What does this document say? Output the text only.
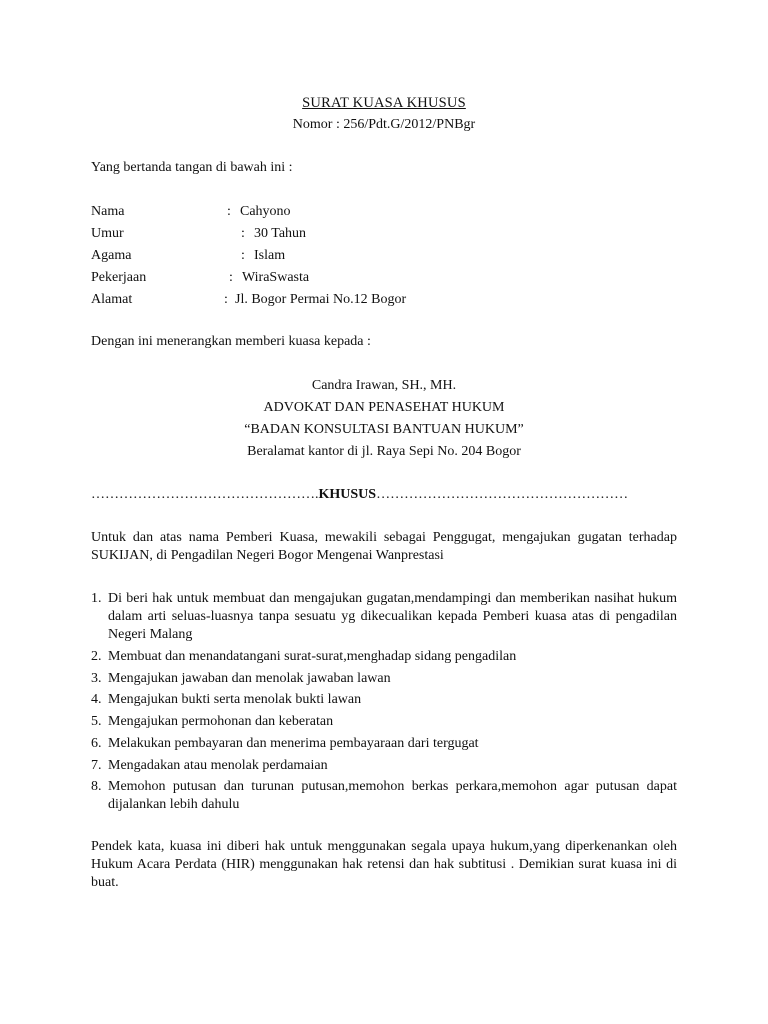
SURAT KUASA KHUSUS
Nomor : 256/Pdt.G/2012/PNBgr
Yang bertanda tangan di bawah ini :
Nama	: Cahyono
Umur	: 30 Tahun
Agama	: Islam
Pekerjaan	: WiraSwasta
Alamat	: Jl. Bogor Permai No.12 Bogor
Dengan ini menerangkan memberi kuasa kepada :
Candra Irawan, SH., MH.
ADVOKAT DAN PENASEHAT HUKUM
“BADAN KONSULTASI BANTUAN HUKUM”
Beralamat kantor di jl. Raya Sepi No. 204 Bogor
………………………………………….KHUSUS………………………………………………
Untuk dan atas nama Pemberi Kuasa, mewakili sebagai Penggugat, mengajukan gugatan terhadap SUKIJAN, di Pengadilan Negeri Bogor Mengenai Wanprestasi
1. Di beri hak untuk membuat dan mengajukan gugatan,mendampingi dan memberikan nasihat hukum dalam arti seluas-luasnya tanpa sesuatu yg dikecualikan kepada Pemberi kuasa atas di pengadilan Negeri Malang
2. Membuat dan menandatangani surat-surat,menghadap sidang pengadilan
3. Mengajukan jawaban dan menolak jawaban lawan
4. Mengajukan bukti serta menolak bukti lawan
5. Mengajukan permohonan dan keberatan
6. Melakukan pembayaran dan menerima pembayaraan dari tergugat
7. Mengadakan atau menolak perdamaian
8. Memohon putusan dan turunan putusan,memohon berkas perkara,memohon agar putusan dapat dijalankan lebih dahulu
Pendek kata, kuasa ini diberi hak untuk menggunakan segala upaya hukum,yang diperkenankan oleh Hukum Acara Perdata (HIR) menggunakan hak retensi dan hak subtitusi . Demikian surat kuasa ini di buat.
